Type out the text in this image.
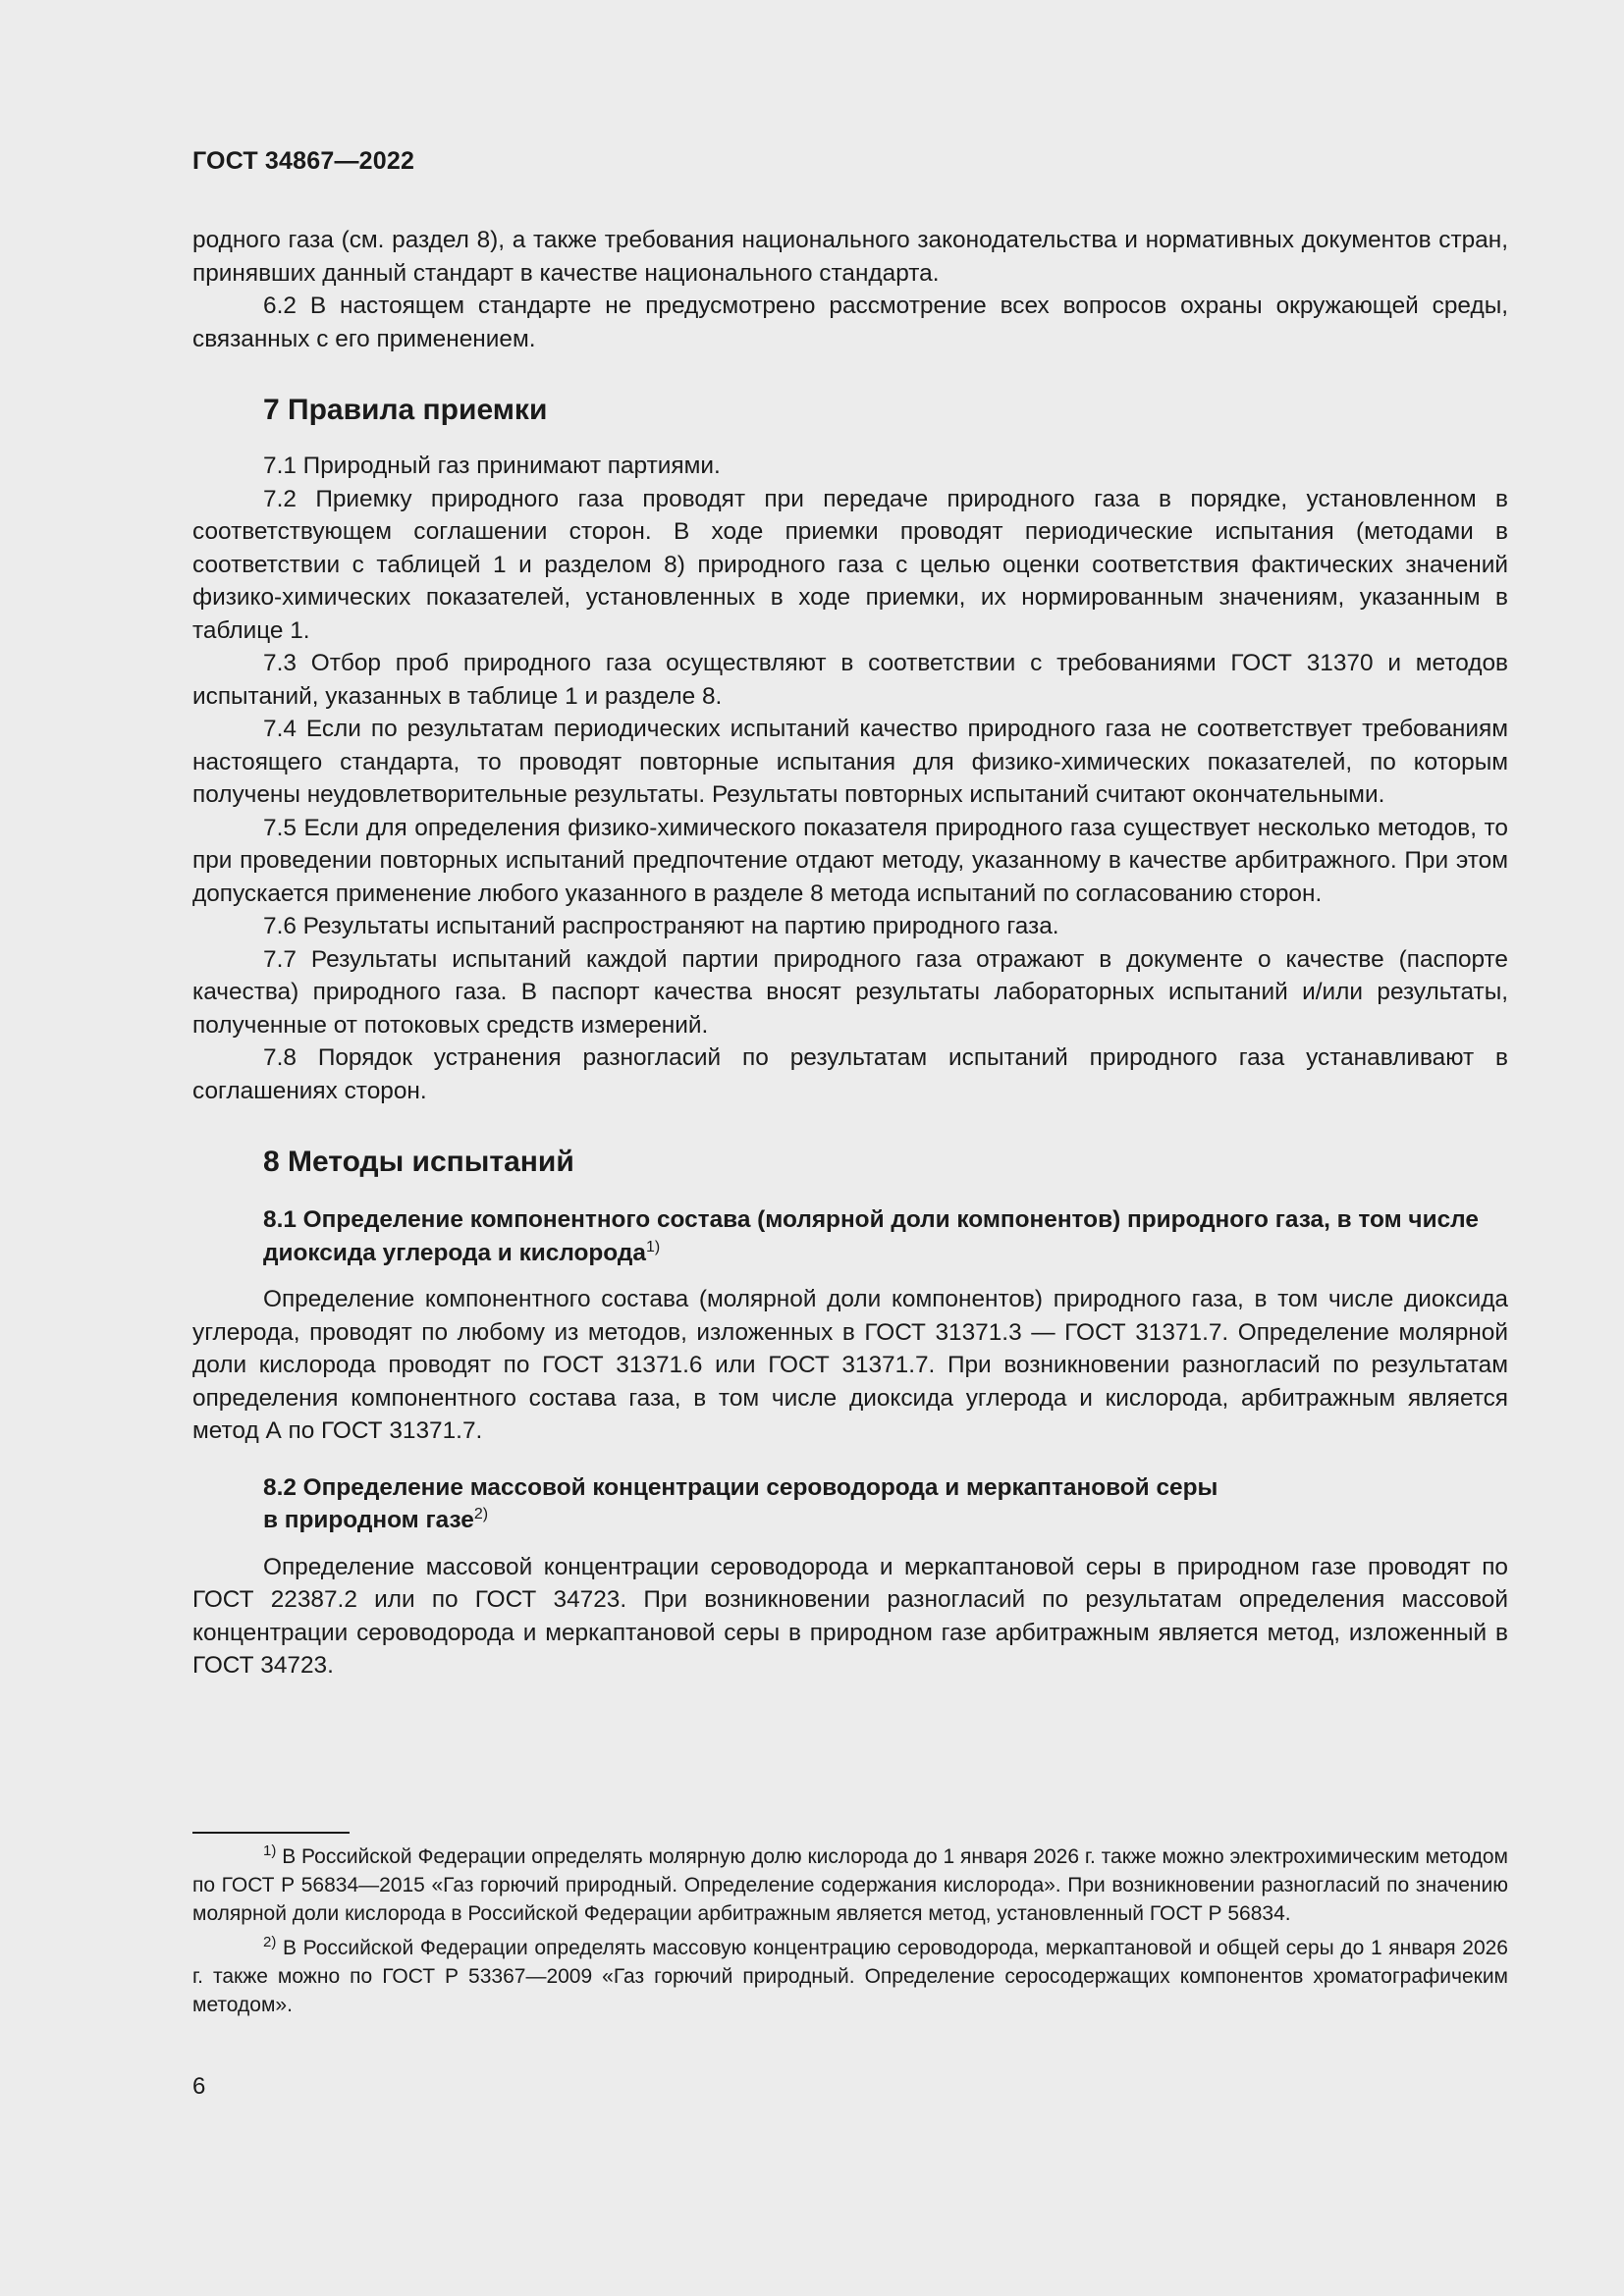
ГОСТ 34867—2022

родного газа (см. раздел 8), а также требования национального законодательства и нормативных документов стран, принявших данный стандарт в качестве национального стандарта.

6.2 В настоящем стандарте не предусмотрено рассмотрение всех вопросов охраны окружающей среды, связанных с его применением.

7 Правила приемки

7.1 Природный газ принимают партиями.

7.2 Приемку природного газа проводят при передаче природного газа в порядке, установленном в соответствующем соглашении сторон. В ходе приемки проводят периодические испытания (методами в соответствии с таблицей 1 и разделом 8) природного газа с целью оценки соответствия фактических значений физико-химических показателей, установленных в ходе приемки, их нормированным значениям, указанным в таблице 1.

7.3 Отбор проб природного газа осуществляют в соответствии с требованиями ГОСТ 31370 и методов испытаний, указанных в таблице 1 и разделе 8.

7.4 Если по результатам периодических испытаний качество природного газа не соответствует требованиям настоящего стандарта, то проводят повторные испытания для физико-химических показателей, по которым получены неудовлетворительные результаты. Результаты повторных испытаний считают окончательными.

7.5 Если для определения физико-химического показателя природного газа существует несколько методов, то при проведении повторных испытаний предпочтение отдают методу, указанному в качестве арбитражного. При этом допускается применение любого указанного в разделе 8 метода испытаний по согласованию сторон.

7.6 Результаты испытаний распространяют на партию природного газа.

7.7 Результаты испытаний каждой партии природного газа отражают в документе о качестве (паспорте качества) природного газа. В паспорт качества вносят результаты лабораторных испытаний и/или результаты, полученные от потоковых средств измерений.

7.8 Порядок устранения разногласий по результатам испытаний природного газа устанавливают в соглашениях сторон.

8 Методы испытаний
8.1 Определение компонентного состава (молярной доли компонентов) природного газа, в том числе диоксида углерода и кислорода$^{1)}$

Определение компонентного состава (молярной доли компонентов) природного газа, в том числе диоксида углерода, проводят по любому из методов, изложенных в ГОСТ 31371.3 — ГОСТ 31371.7. Определение молярной доли кислорода проводят по ГОСТ 31371.6 или ГОСТ 31371.7. При возникновении разногласий по результатам определения компонентного состава газа, в том числе диоксида углерода и кислорода, арбитражным является метод А по ГОСТ 31371.7.

8.2 Определение массовой концентрации сероводорода и меркаптановой серы
в природном газе$^{2)}$

Определение массовой концентрации сероводорода и меркаптановой серы в природном газе проводят по ГОСТ 22387.2 или по ГОСТ 34723. При возникновении разногласий по результатам определения массовой концентрации сероводорода и меркаптановой серы в природном газе арбитражным является метод, изложенный в ГОСТ 34723.

$^{1)}$ В Российской Федерации определять молярную долю кислорода до 1 января 2026 г. также можно электрохимическим методом по ГОСТ Р 56834—2015 «Газ горючий природный. Определение содержания кислорода». При возникновении разногласий по значению молярной доли кислорода в Российской Федерации арбитражным является метод, установленный ГОСТ Р 56834.

$^{2)}$ В Российской Федерации определять массовую концентрацию сероводорода, меркаптановой и общей серы до 1 января 2026 г. также можно по ГОСТ Р 53367—2009 «Газ горючий природный. Определение серосодержащих компонентов хроматографичеким методом».

6
